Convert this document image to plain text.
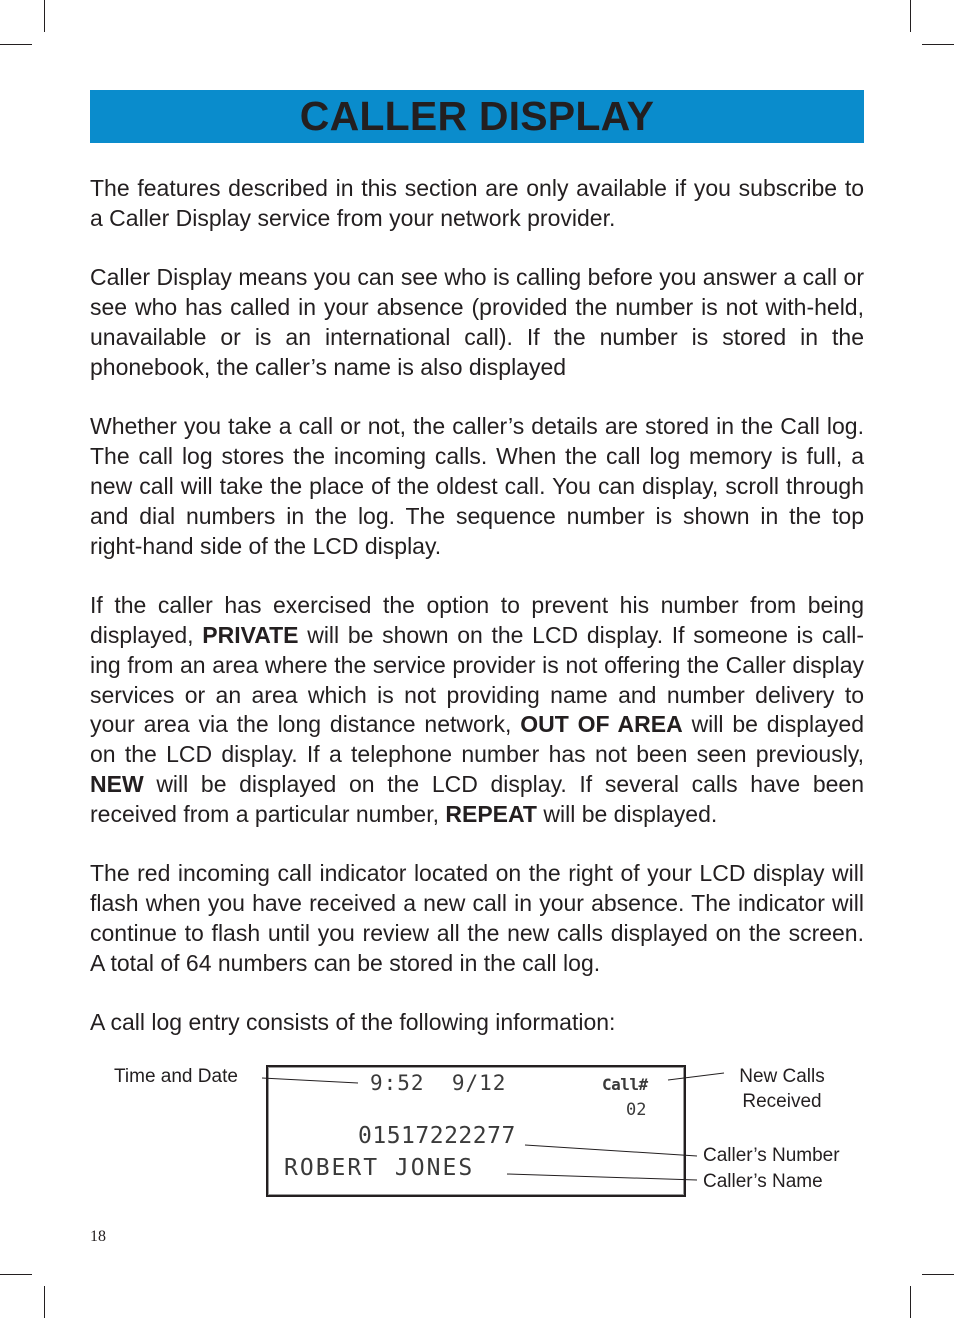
CALLER DISPLAY

The features described in this section are only available if you subscribe to a Caller Display service from your network provider.

Caller Display means you can see who is calling before you answer a call or see who has called in your absence (provided the number is not with-held, unavailable or is an international call). If the number is stored in the phonebook, the caller’s name is also displayed

Whether you take a call or not, the caller’s details are stored in the Call log. The call log stores the incoming calls. When the call log memory is full, a new call will take the place of the oldest call. You can display, scroll through and dial numbers in the log. The sequence number is shown in the top right-hand side of the LCD display.

If the caller has exercised the option to prevent his number from being displayed, PRIVATE will be shown on the LCD display. If someone is call-ing from an area where the service provider is not offering the Caller display services or an area which is not providing name and number delivery to your area via the long distance network, OUT OF AREA will be displayed on the LCD display. If a telephone number has not been seen previously, NEW will be displayed on the LCD display. If several calls have been received from a particular number, REPEAT will be displayed.

The red incoming call indicator located on the right of your LCD display will flash when you have received a new call in your absence. The indicator will continue to flash until you review all the new calls displayed on the screen. A total of 64 numbers can be stored in the call log.

A call log entry consists of the following information:

9:52  9/12	Call#
02
01517222277
ROBERT JONES
Time and Date	New Calls
Received
Caller’s Number
Caller’s Name
18
